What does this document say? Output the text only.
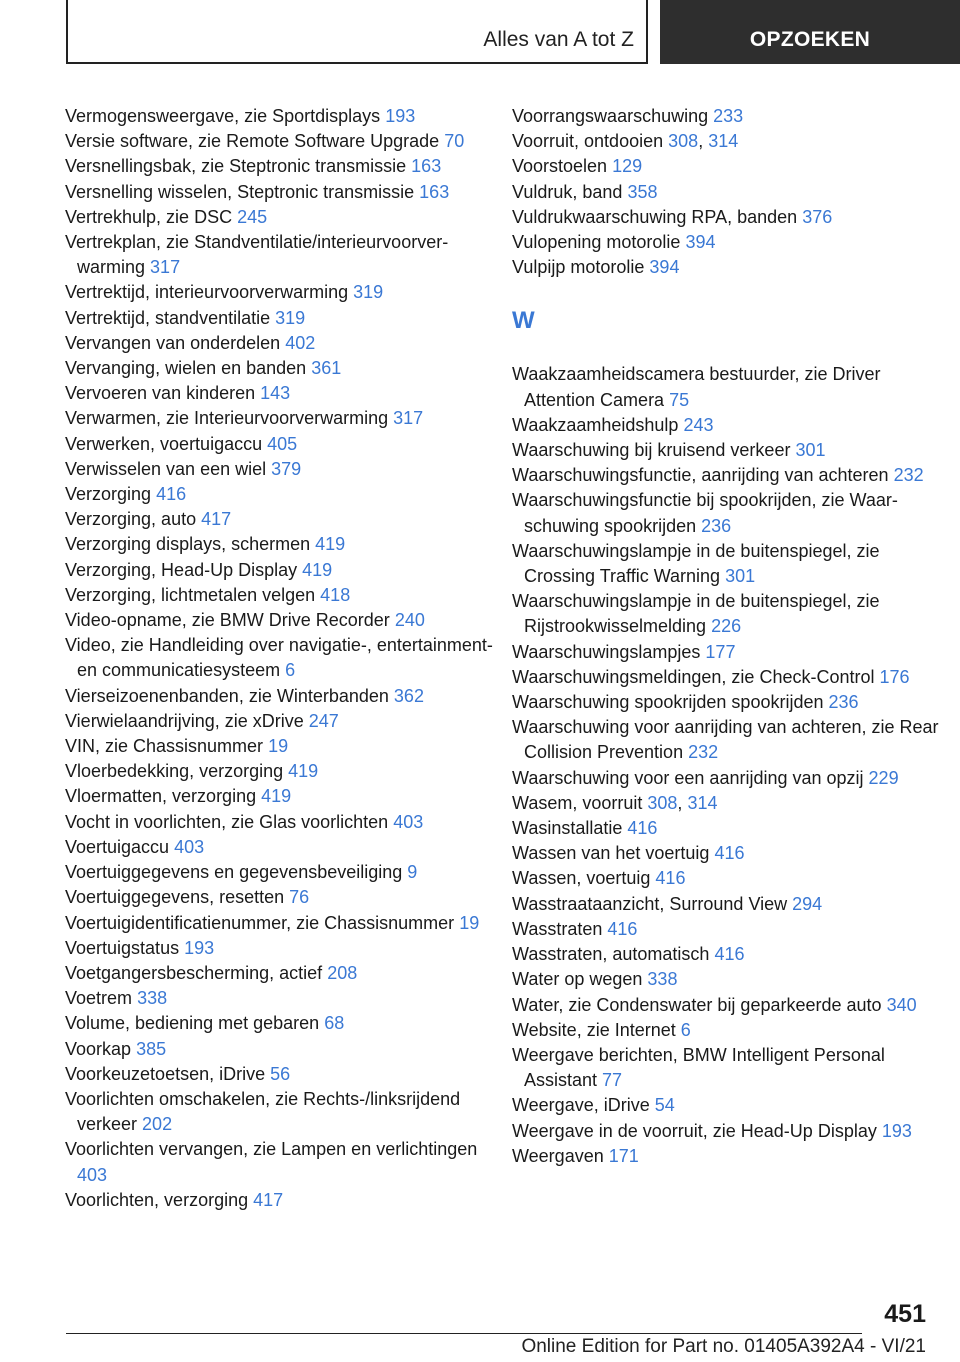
Alles van A tot Z	OPZOEKEN
Vermogensweergave, zie Sportdisplays 193
Versie software, zie Remote Software Upgrade 70
Versnellingsbak, zie Steptronic transmissie 163
Versnelling wisselen, Steptronic transmissie 163
Vertrekhulp, zie DSC 245
Vertrekplan, zie Standventilatie/interieurvoorverwarming 317
Vertrektijd, interieurvoorverwarming 319
Vertrektijd, standventilatie 319
Vervangen van onderdelen 402
Vervanging, wielen en banden 361
Vervoeren van kinderen 143
Verwarmen, zie Interieurvoorverwarming 317
Verwerken, voertuigaccu 405
Verwisselen van een wiel 379
Verzorging 416
Verzorging, auto 417
Verzorging displays, schermen 419
Verzorging, Head-Up Display 419
Verzorging, lichtmetalen velgen 418
Video-opname, zie BMW Drive Recorder 240
Video, zie Handleiding over navigatie-, entertainment- en communicatiesysteem 6
Vierseizoenenbanden, zie Winterbanden 362
Vierwielaandrijving, zie xDrive 247
VIN, zie Chassisnummer 19
Vloerbedekking, verzorging 419
Vloermatten, verzorging 419
Vocht in voorlichten, zie Glas voorlichten 403
Voertuigaccu 403
Voertuiggegevens en gegevensbeveiliging 9
Voertuiggegevens, resetten 76
Voertuigidentificatienummer, zie Chassisnummer 19
Voertuigstatus 193
Voetgangersbescherming, actief 208
Voetrem 338
Volume, bediening met gebaren 68
Voorkap 385
Voorkeuzetoetsen, iDrive 56
Voorlichten omschakelen, zie Rechts-/linksrijdend verkeer 202
Voorlichten vervangen, zie Lampen en verlichtingen 403
Voorlichten, verzorging 417
Voorrangswaarschuwing 233
Voorruit, ontdooien 308, 314
Voorstoelen 129
Vuldruk, band 358
Vuldrukwaarschuwing RPA, banden 376
Vulopening motorolie 394
Vulpijp motorolie 394
W
Waakzaamheidscamera bestuurder, zie Driver Attention Camera 75
Waakzaamheidshulp 243
Waarschuwing bij kruisend verkeer 301
Waarschuwingsfunctie, aanrijding van achteren 232
Waarschuwingsfunctie bij spookrijden, zie Waarschuwing spookrijden 236
Waarschuwingslampje in de buitenspiegel, zie Crossing Traffic Warning 301
Waarschuwingslampje in de buitenspiegel, zie Rijstrookwisselmelding 226
Waarschuwingslampjes 177
Waarschuwingsmeldingen, zie Check-Control 176
Waarschuwing spookrijden spookrijden 236
Waarschuwing voor aanrijding van achteren, zie Rear Collision Prevention 232
Waarschuwing voor een aanrijding van opzij 229
Wasem, voorruit 308, 314
Wasinstallatie 416
Wassen van het voertuig 416
Wassen, voertuig 416
Wasstraataanzicht, Surround View 294
Wasstraten 416
Wasstraten, automatisch 416
Water op wegen 338
Water, zie Condenswater bij geparkeerde auto 340
Website, zie Internet 6
Weergave berichten, BMW Intelligent Personal Assistant 77
Weergave, iDrive 54
Weergave in de voorruit, zie Head-Up Display 193
Weergaven 171
451
Online Edition for Part no. 01405A392A4 - VI/21
